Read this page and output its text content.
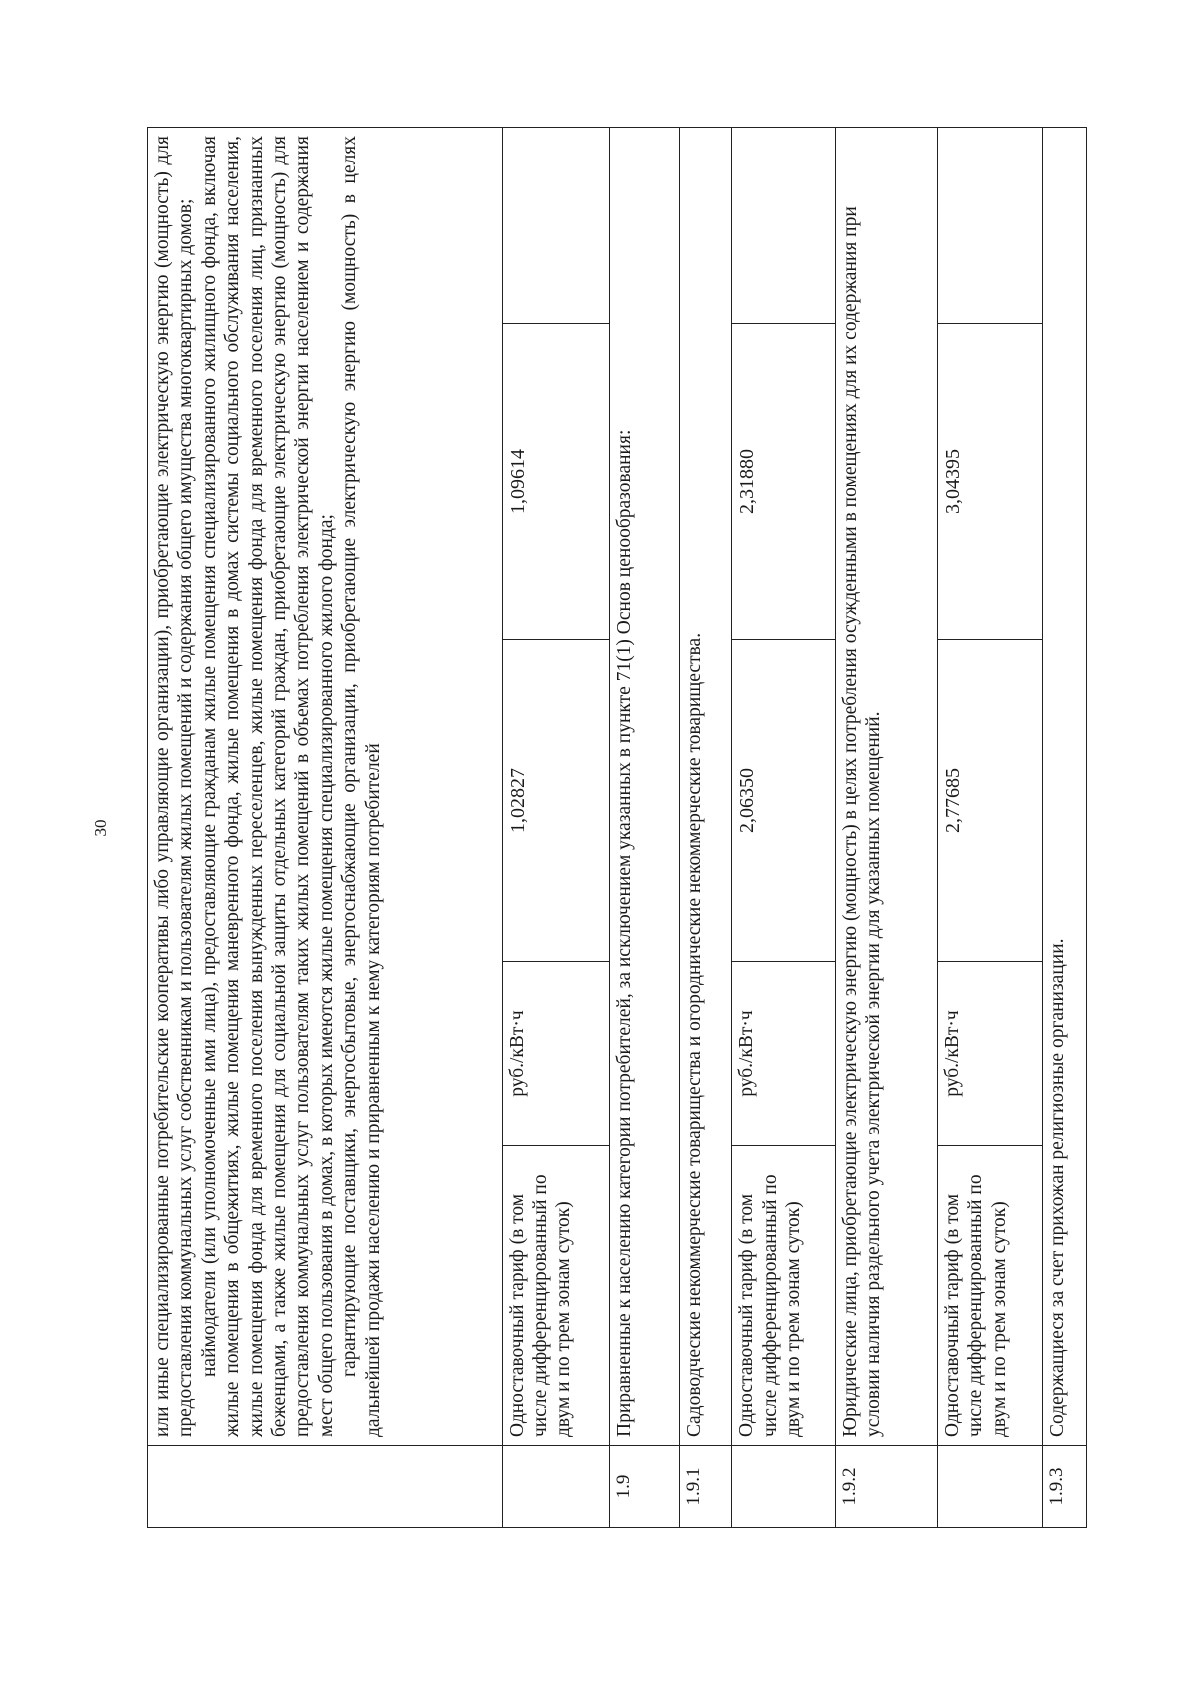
30

	или иные специализированные потребительские кооперативы либо управляющие организации), приобретающие электрическую энергию (мощность) для предоставления коммунальных услуг собственникам и пользователям жилых помещений и содержания общего имущества многоквартирных домов; наймодатели (или уполномоченные ими лица), предоставляющие гражданам жилые помещения специализированного жилищного фонда, включая жилые помещения в общежитиях, жилые помещения маневренного фонда, жилые помещения в домах системы социального обслуживания населения, жилые помещения фонда для временного поселения вынужденных переселенцев, жилые помещения фонда для временного поселения лиц, признанных беженцами, а также жилые помещения для социальной защиты отдельных категорий граждан, приобретающие электрическую энергию (мощность) для предоставления коммунальных услуг пользователям таких жилых помещений в объемах потребления электрической энергии населением и содержания мест общего пользования в домах, в которых имеются жилые помещения специализированного жилого фонда; гарантирующие поставщики, энергосбытовые, энергоснабжающие организации, приобретающие электрическую энергию (мощность) в целях дальнейшей продажи населению и приравненным к нему категориям потребителей				

	Одноставочный тариф (в том числе дифференцированный по двум и по трем зонам суток)	руб./кВт·ч	1,02827	1,09614	
1.9	Приравненные к населению категории потребителей, за исключением указанных в пункте 71(1) Основ ценообразования:				
1.9.1	Садоводческие некоммерческие товарищества и огороднические некоммерческие товарищества.				
	Одноставочный тариф (в том числе дифференцированный по двум и по трем зонам суток)	руб./кВт·ч	2,06350	2,31880	
1.9.2	Юридические лица, приобретающие электрическую энергию (мощность) в целях потребления осужденными в помещениях для их содержания при условии наличия раздельного учета электрической энергии для указанных помещений.				
	Одноставочный тариф (в том числе дифференцированный по двум и по трем зонам суток)	руб./кВт·ч	2,77685	3,04395	
1.9.3	Содержащиеся за счет прихожан религиозные организации.				
